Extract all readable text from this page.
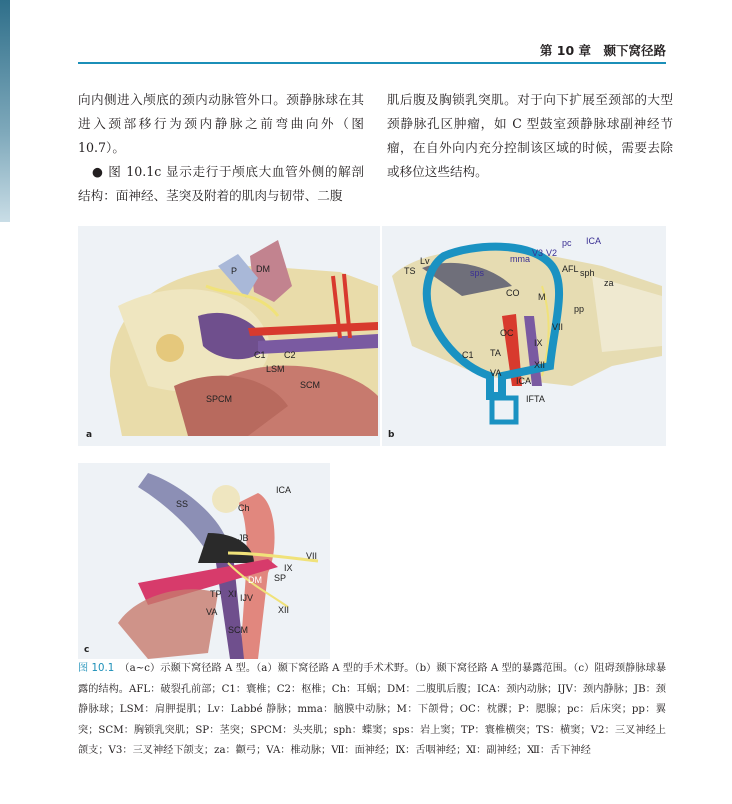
第 10 章　颞下窝径路

向内侧进入颅底的颈内动脉管外口。颈静脉球在其进入颈部移行为颈内静脉之前弯曲向外（图10.7）。

● 图 10.1c 显示走行于颅底大血管外侧的解剖结构：面神经、茎突及附着的肌肉与韧带、二腹

肌后腹及胸锁乳突肌。对于向下扩展至颈部的大型颈静脉孔区肿瘤，如 C 型鼓室颈静脉球副神经节瘤，在自外向内充分控制该区域的时候，需要去除或移位这些结构。

DM
P
C1 C2
LSM
SCM
SPCM
a
ICA
pc
V3 V2
mma
Lv
TS	sps	AFL sph
za
CO M
pp
OC
VII
IX
C1 TA
VA
XII
ICA
IFTA
b
SS
ICA
Ch
JB
VII
IX
DM SP
TP XI IJV
XII
VA
SCM
c

图 10.1　 （a~c）示颞下窝径路 A 型。（a）颞下窝径路 A 型的手术术野。（b）颞下窝径路 A 型的暴露范围。（c）阻碍颈静脉球暴露的结构。AFL：破裂孔前部；C1：寰椎；C2：枢椎；Ch：耳蜗；DM：二腹肌后腹；ICA：颈内动脉；IJV：颈内静脉；JB：颈静脉球；LSM：肩胛提肌；Lv：Labbé 静脉；mma：脑膜中动脉；M：下颌骨；OC：枕髁；P：腮腺；pc：后床突；pp：翼突；SCM：胸锁乳突肌；SP：茎突；SPCM：头夹肌；sph：蝶窦；sps：岩上窦；TP：寰椎横突；TS：横窦；V2：三叉神经上颌支；V3：三叉神经下颌支；za：颧弓；VA：椎动脉；Ⅶ：面神经；Ⅸ：舌咽神经；Ⅺ：副神经；Ⅻ：舌下神经
